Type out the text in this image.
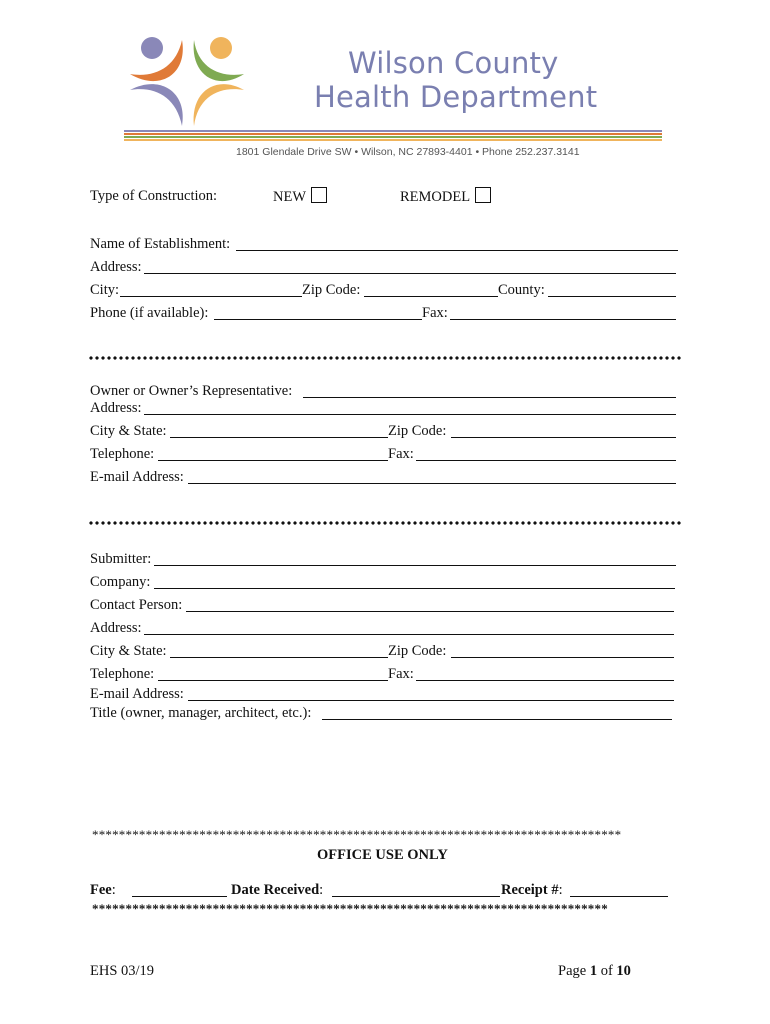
Wilson County
Health Department
1801 Glendale Drive SW • Wilson, NC 27893-4401 • Phone 252.237.3141
Type of Construction:	NEW	REMODEL
Name of Establishment:
Address:
City:	Zip Code:	County:
Phone (if available):	Fax:
Owner or Owner’s Representative:
Address:
City & State:	Zip Code:
Telephone:	Fax:
E-mail Address:
Submitter:
Company:
Contact Person:
Address:
City & State:	Zip Code:
Telephone:	Fax:
E-mail Address:
Title (owner, manager, architect, etc.):
*******************************************************************************
OFFICE USE ONLY
Fee:	Date Received:	Receipt #:
*****************************************************************************
EHS 03/19	Page 1 of 10
